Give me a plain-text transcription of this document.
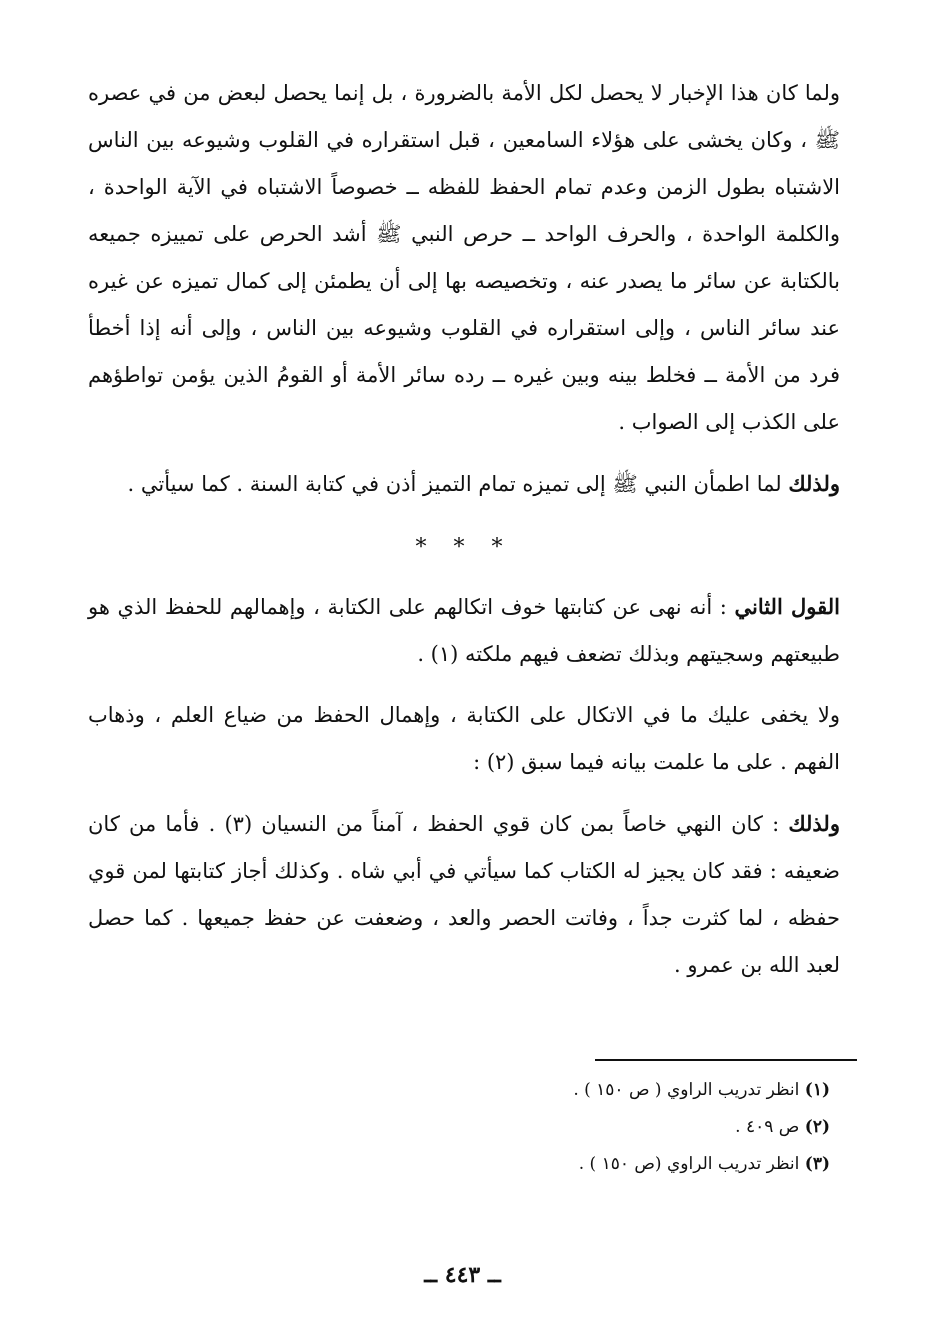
ولما كان هذا الإخبار لا يحصل لكل الأمة بالضرورة ، بل إنما يحصل لبعض من في عصره ﷺ ، وكان يخشى على هؤلاء السامعين ، قبل استقراره في القلوب وشيوعه بين الناس الاشتباه بطول الزمن وعدم تمام الحفظ للفظه ــ خصوصاً الاشتباه في الآية الواحدة ، والكلمة الواحدة ، والحرف الواحد ــ حرص النبي ﷺ أشد الحرص على تمييزه جميعه بالكتابة عن سائر ما يصدر عنه ، وتخصيصه بها إلى أن يطمئن إلى كمال تميزه عن غيره عند سائر الناس ، وإلى استقراره في القلوب وشيوعه بين الناس ، وإلى أنه إذا أخطأ فرد من الأمة ــ فخلط بينه وبين غيره ــ رده سائر الأمة أو القومُ الذين يؤمن تواطؤهم على الكذب إلى الصواب .

ولذلك لما اطمأن النبي ﷺ إلى تميزه تمام التميز أذن في كتابة السنة . كما سيأتي .

* * *

القول الثاني : أنه نهى عن كتابتها خوف اتكالهم على الكتابة ، وإهمالهم للحفظ الذي هو طبيعتهم وسجيتهم وبذلك تضعف فيهم ملكته (١) .

ولا يخفى عليك ما في الاتكال على الكتابة ، وإهمال الحفظ من ضياع العلم ، وذهاب الفهم . على ما علمت بيانه فيما سبق (٢) :

ولذلك : كان النهي خاصاً بمن كان قوي الحفظ ، آمناً من النسيان (٣) . فأما من كان ضعيفه : فقد كان يجيز له الكتاب كما سيأتي في أبي شاه . وكذلك أجاز كتابتها لمن قوي حفظه ، لما كثرت جداً ، وفاتت الحصر والعد ، وضعفت عن حفظ جميعها . كما حصل لعبد الله بن عمرو .

(١) انظر تدريب الراوي ( ص ١٥٠ ) .
(٢) ص ٤٠٩ .
(٣) انظر تدريب الراوي (ص ١٥٠ ) .
ــ ٤٤٣ ــ
